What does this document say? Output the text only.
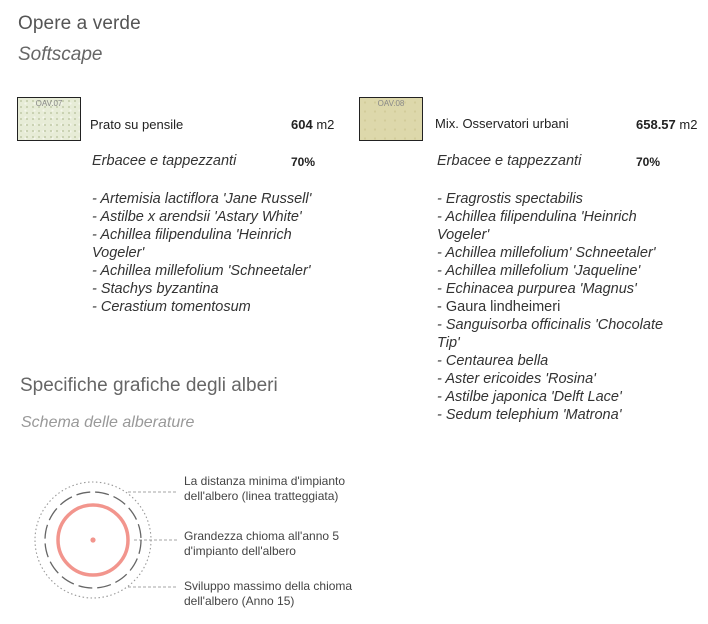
Opere a verde
Softscape
OAV.07
Prato su pensile	604 m2
Erbacee e tappezzanti	70%
- Artemisia lactiflora 'Jane Russell'
- Astilbe x arendsii 'Astary White'
- Achillea filipendulina 'Heinrich Vogeler'
- Achillea millefolium 'Schneetaler'
- Stachys byzantina
- Cerastium tomentosum
OAV.08
Mix. Osservatori urbani	658.57 m2
Erbacee e tappezzanti	70%
- Eragrostis spectabilis
- Achillea filipendulina 'Heinrich Vogeler'
- Achillea millefolium' Schneetaler'
- Achillea millefolium 'Jaqueline'
- Echinacea purpurea 'Magnus'
- Gaura lindheimeri
- Sanguisorba officinalis 'Chocolate Tip'
- Centaurea bella
- Aster ericoides 'Rosina'
- Astilbe japonica 'Delft Lace'
- Sedum telephium 'Matrona'
Specifiche grafiche degli alberi
Schema delle alberature
La distanza minima d'impianto dell'albero (linea tratteggiata)
Grandezza chioma all'anno 5 d'impianto dell'albero
Sviluppo massimo della chioma dell'albero (Anno 15)
